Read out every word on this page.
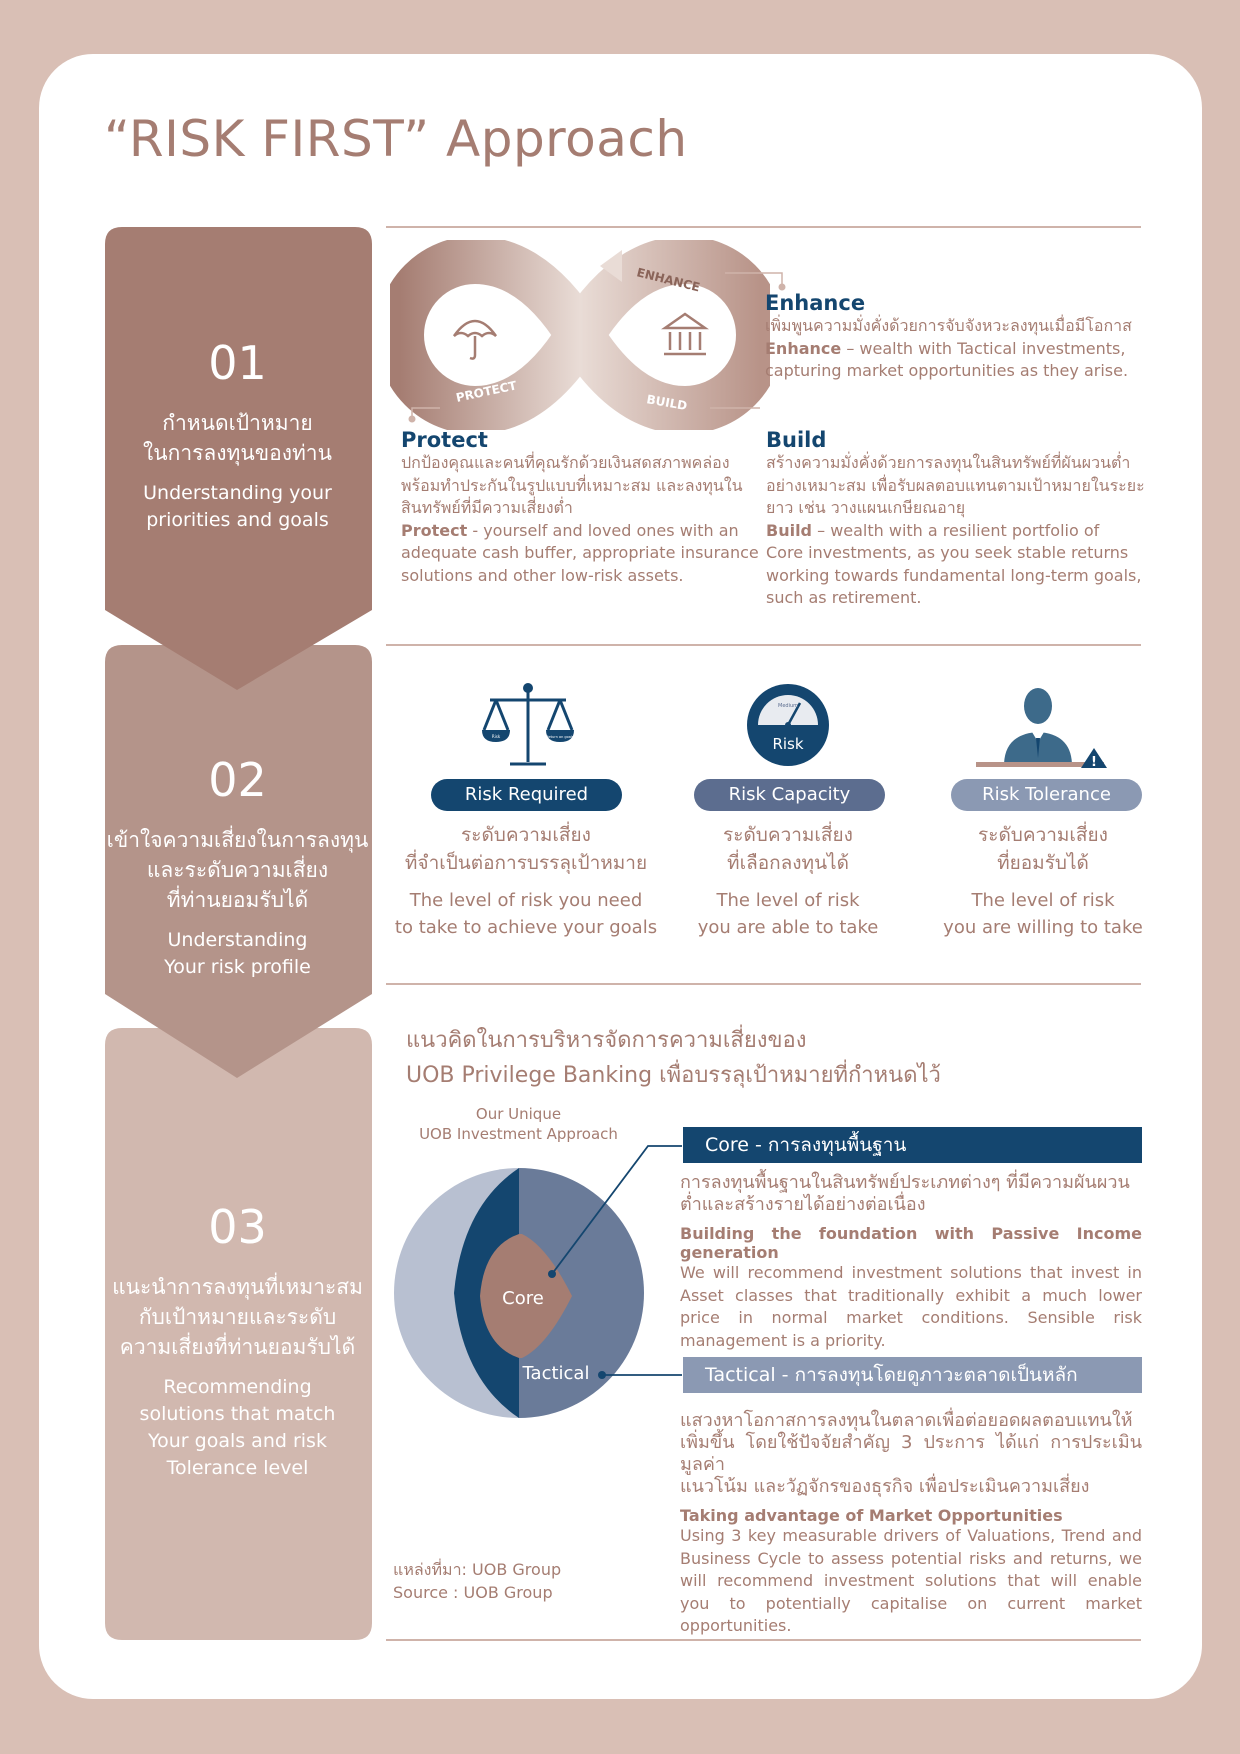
“RISK FIRST” Approach
01
กำหนดเป้าหมาย
ในการลงทุนของท่าน
Understanding your
priorities and goals
02
เข้าใจความเสี่ยงในการลงทุน
และระดับความเสี่ยง
ที่ท่านยอมรับได้
Understanding
Your risk profile
03
แนะนำการลงทุนที่เหมาะสม
กับเป้าหมายและระดับ
ความเสี่ยงที่ท่านยอมรับได้
Recommending
solutions that match
Your goals and risk
Tolerance level
ENHANCE
PROTECT	BUILD
Enhance
เพิ่มพูนความมั่งคั่งด้วยการจับจังหวะลงทุนเมื่อมีโอกาส
Enhance – wealth with Tactical investments,
capturing market opportunities as they arise.
Protect
ปกป้องคุณและคนที่คุณรักด้วยเงินสดสภาพคล่อง
พร้อมทำประกันในรูปแบบที่เหมาะสม และลงทุนใน
สินทรัพย์ที่มีความเสี่ยงต่ำ
Protect - yourself and loved ones with an
adequate cash buffer, appropriate insurance
solutions and other low-risk assets.
Build
สร้างความมั่งคั่งด้วยการลงทุนในสินทรัพย์ที่ผันผวนต่ำ
อย่างเหมาะสม เพื่อรับผลตอบแทนตามเป้าหมายในระยะ
ยาว เช่น วางแผนเกษียณอายุ
Build – wealth with a resilient portfolio of
Core investments, as you seek stable returns
working towards fundamental long-term goals,
such as retirement.
Risk	Return on goals
Medium
Risk
!
Risk Required	Risk Capacity	Risk Tolerance
ระดับความเสี่ยง
ที่จำเป็นต่อการบรรลุเป้าหมาย
The level of risk you need
to take to achieve your goals
ระดับความเสี่ยง
ที่เลือกลงทุนได้
The level of risk
you are able to take
ระดับความเสี่ยง
ที่ยอมรับได้
The level of risk
you are willing to take
แนวคิดในการบริหารจัดการความเสี่ยงของ
UOB Privilege Banking เพื่อบรรลุเป้าหมายที่กำหนดไว้
Our Unique
UOB Investment Approach
Core
Tactical
Core - การลงทุนพื้นฐาน
การลงทุนพื้นฐานในสินทรัพย์ประเภทต่างๆ ที่มีความผันผวน
ต่ำและสร้างรายได้อย่างต่อเนื่อง
Building the foundation with Passive Income generation
We will recommend investment solutions that invest in Asset classes that traditionally exhibit a much lower price in normal market conditions. Sensible risk management is a priority.
Tactical - การลงทุนโดยดูภาวะตลาดเป็นหลัก
แสวงหาโอกาสการลงทุนในตลาดเพื่อต่อยอดผลตอบแทนให้
เพิ่มขึ้น โดยใช้ปัจจัยสำคัญ 3 ประการ ได้แก่ การประเมินมูลค่า
แนวโน้ม และวัฏจักรของธุรกิจ เพื่อประเมินความเสี่ยง
Taking advantage of Market Opportunities
Using 3 key measurable drivers of Valuations, Trend and Business Cycle to assess potential risks and returns, we will recommend investment solutions that will enable you to potentially capitalise on current market opportunities.
แหล่งที่มา: UOB Group
Source : UOB Group
